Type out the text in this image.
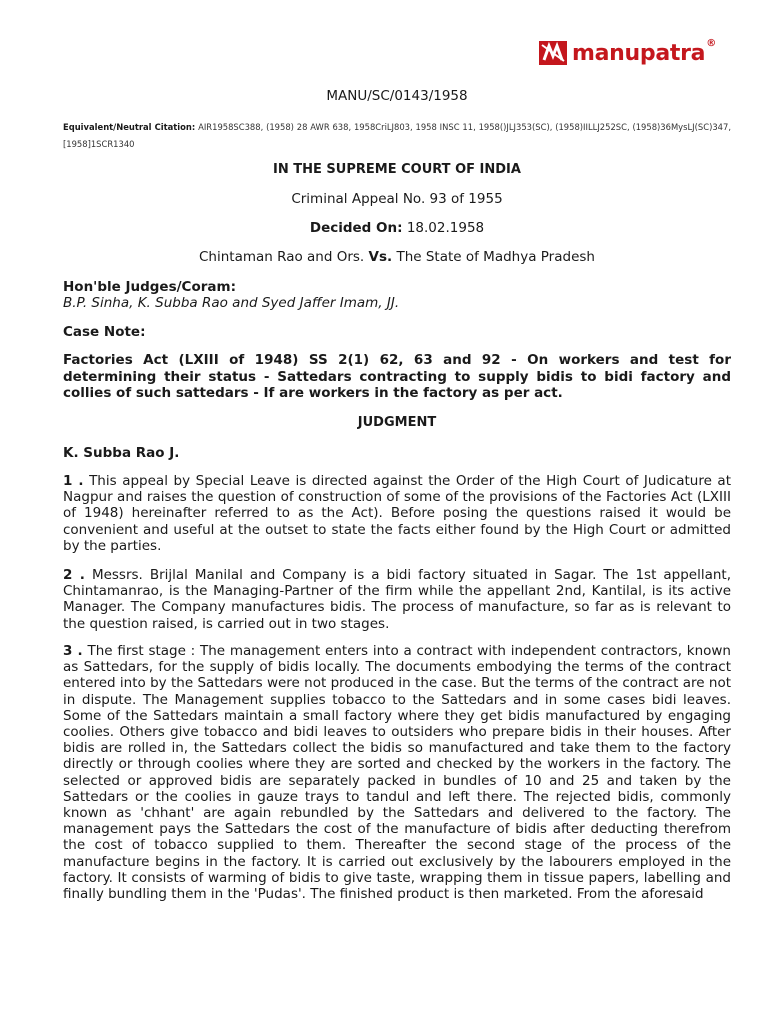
manupatra ®
MANU/SC/0143/1958
Equivalent/Neutral Citation: AIR1958SC388, (1958) 28 AWR 638, 1958CriLJ803, 1958 INSC 11, 1958()JLJ353(SC), (1958)IILLJ252SC, (1958)36MysLJ(SC)347, [1958]1SCR1340
IN THE SUPREME COURT OF INDIA
Criminal Appeal No. 93 of 1955
Decided On: 18.02.1958
Chintaman Rao and Ors. Vs. The State of Madhya Pradesh
Hon'ble Judges/Coram:
B.P. Sinha, K. Subba Rao and Syed Jaffer Imam, JJ.
Case Note:
Factories Act (LXIII of 1948) SS 2(1) 62, 63 and 92 - On workers and test for determining their status - Sattedars contracting to supply bidis to bidi factory and collies of such sattedars - If are workers in the factory as per act.
JUDGMENT
K. Subba Rao J.
1 . This appeal by Special Leave is directed against the Order of the High Court of Judicature at Nagpur and raises the question of construction of some of the provisions of the Factories Act (LXIII of 1948) hereinafter referred to as the Act). Before posing the questions raised it would be convenient and useful at the outset to state the facts either found by the High Court or admitted by the parties.
2 . Messrs. Brijlal Manilal and Company is a bidi factory situated in Sagar. The 1st appellant, Chintamanrao, is the Managing-Partner of the firm while the appellant 2nd, Kantilal, is its active Manager. The Company manufactures bidis. The process of manufacture, so far as is relevant to the question raised, is carried out in two stages.
3 . The first stage : The management enters into a contract with independent contractors, known as Sattedars, for the supply of bidis locally. The documents embodying the terms of the contract entered into by the Sattedars were not produced in the case. But the terms of the contract are not in dispute. The Management supplies tobacco to the Sattedars and in some cases bidi leaves. Some of the Sattedars maintain a small factory where they get bidis manufactured by engaging coolies. Others give tobacco and bidi leaves to outsiders who prepare bidis in their houses. After bidis are rolled in, the Sattedars collect the bidis so manufactured and take them to the factory directly or through coolies where they are sorted and checked by the workers in the factory. The selected or approved bidis are separately packed in bundles of 10 and 25 and taken by the Sattedars or the coolies in gauze trays to tandul and left there. The rejected bidis, commonly known as 'chhant' are again rebundled by the Sattedars and delivered to the factory. The management pays the Sattedars the cost of the manufacture of bidis after deducting therefrom the cost of tobacco supplied to them. Thereafter the second stage of the process of the manufacture begins in the factory. It is carried out exclusively by the labourers employed in the factory. It consists of warming of bidis to give taste, wrapping them in tissue papers, labelling and finally bundling them in the 'Pudas'. The finished product is then marketed. From the aforesaid
